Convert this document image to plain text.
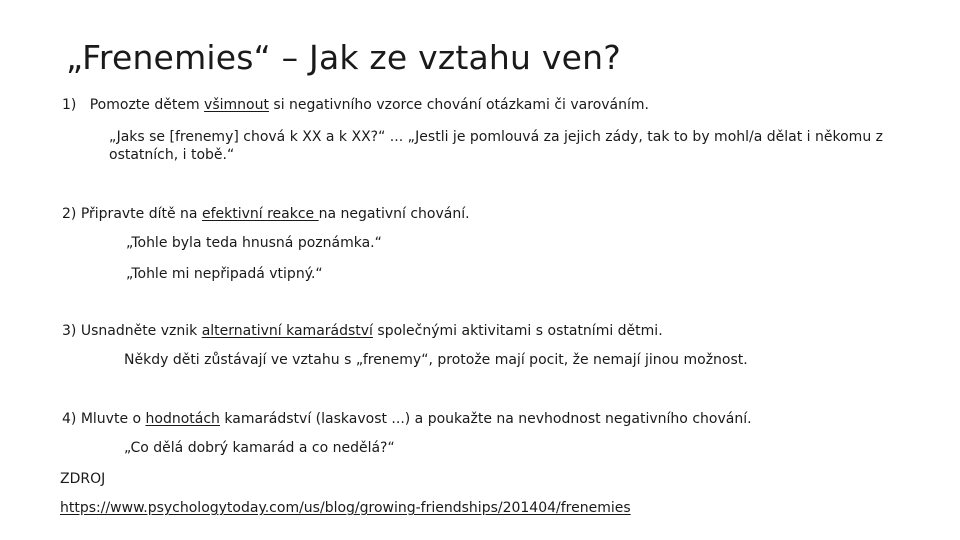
„Frenemies“ – Jak ze vztahu ven?
1) Pomozte dětem všimnout si negativního vzorce chování otázkami či varováním.
„Jaks se [frenemy] chová k XX a k XX?“ ... „Jestli je pomlouvá za jejich zády, tak to by mohl/a dělat i někomu z ostatních, i tobě.“
2) Připravte dítě na efektivní reakce na negativní chování.
„Tohle byla teda hnusná poznámka.“
„Tohle mi nepřipadá vtipný.“
3) Usnadněte vznik alternativní kamarádství společnými aktivitami s ostatními dětmi.
Někdy děti zůstávají ve vztahu s „frenemy“, protože mají pocit, že nemají jinou možnost.
4) Mluvte o hodnotách kamarádství (laskavost ...) a poukažte na nevhodnost negativního chování.
„Co dělá dobrý kamarád a co nedělá?“
ZDROJ
https://www.psychologytoday.com/us/blog/growing-friendships/201404/frenemies
